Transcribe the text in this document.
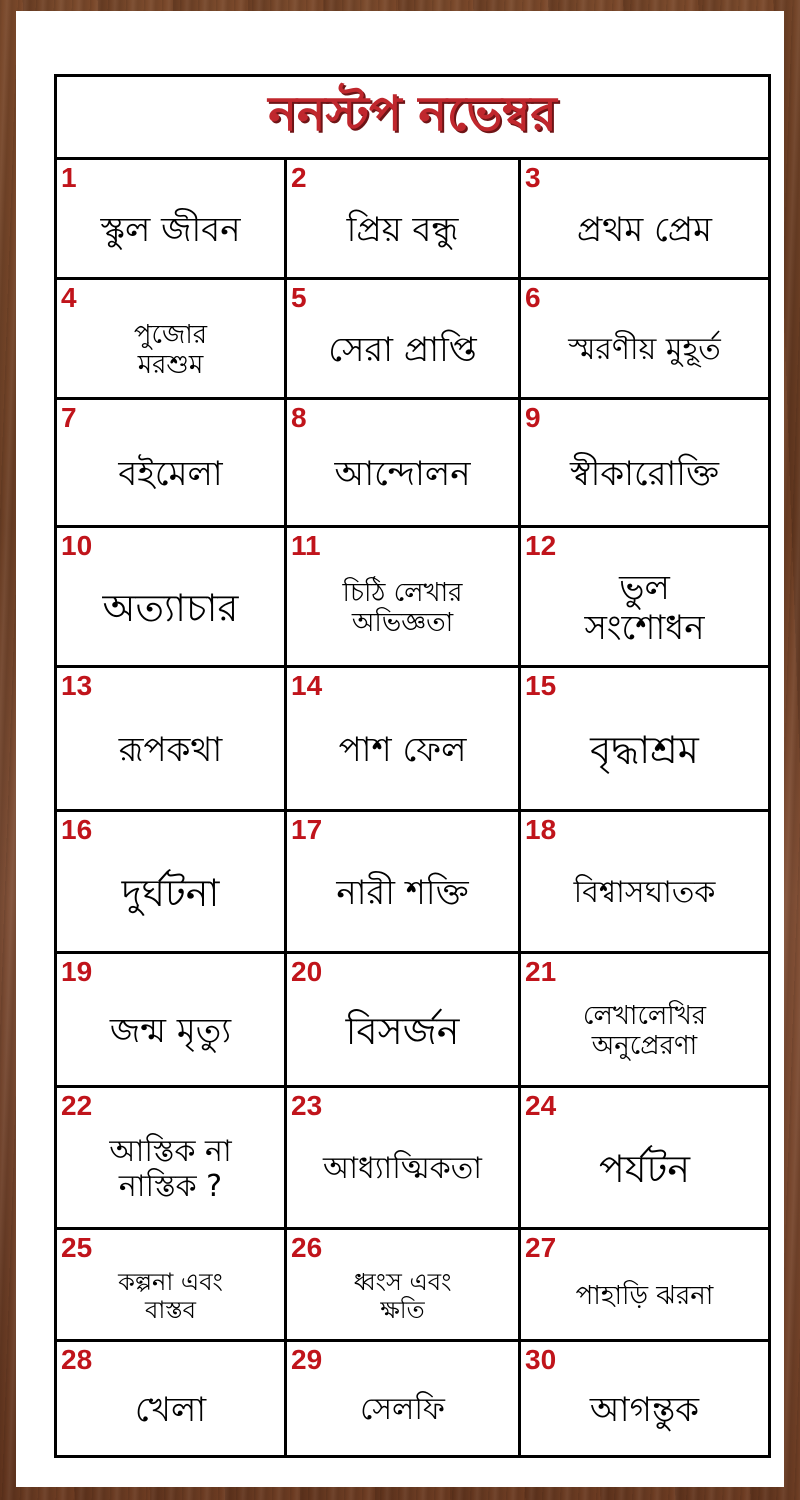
ননস্টপ নভেম্বর
1
স্কুল জীবন
2
প্রিয় বন্ধু
3
প্রথম প্রেম
4
পুজোর
মরশুম
5
সেরা প্রাপ্তি
6
স্মরণীয় মুহূর্ত
7
বইমেলা
8
আন্দোলন
9
স্বীকারোক্তি
10
অত্যাচার
11
চিঠি লেখার
অভিজ্ঞতা
12
ভুল
সংশোধন
13
রূপকথা
14
পাশ ফেল
15
বৃদ্ধাশ্রম
16
দুর্ঘটনা
17
নারী শক্তি
18
বিশ্বাসঘাতক
19
জন্ম মৃত্যু
20
বিসর্জন
21
লেখালেখির
অনুপ্রেরণা
22
আস্তিক না
নাস্তিক ?
23
আধ্যাত্মিকতা
24
পর্যটন
25
কল্পনা এবং
বাস্তব
26
ধ্বংস এবং
ক্ষতি
27
পাহাড়ি ঝরনা
28
খেলা
29
সেলফি
30
আগন্তুক
